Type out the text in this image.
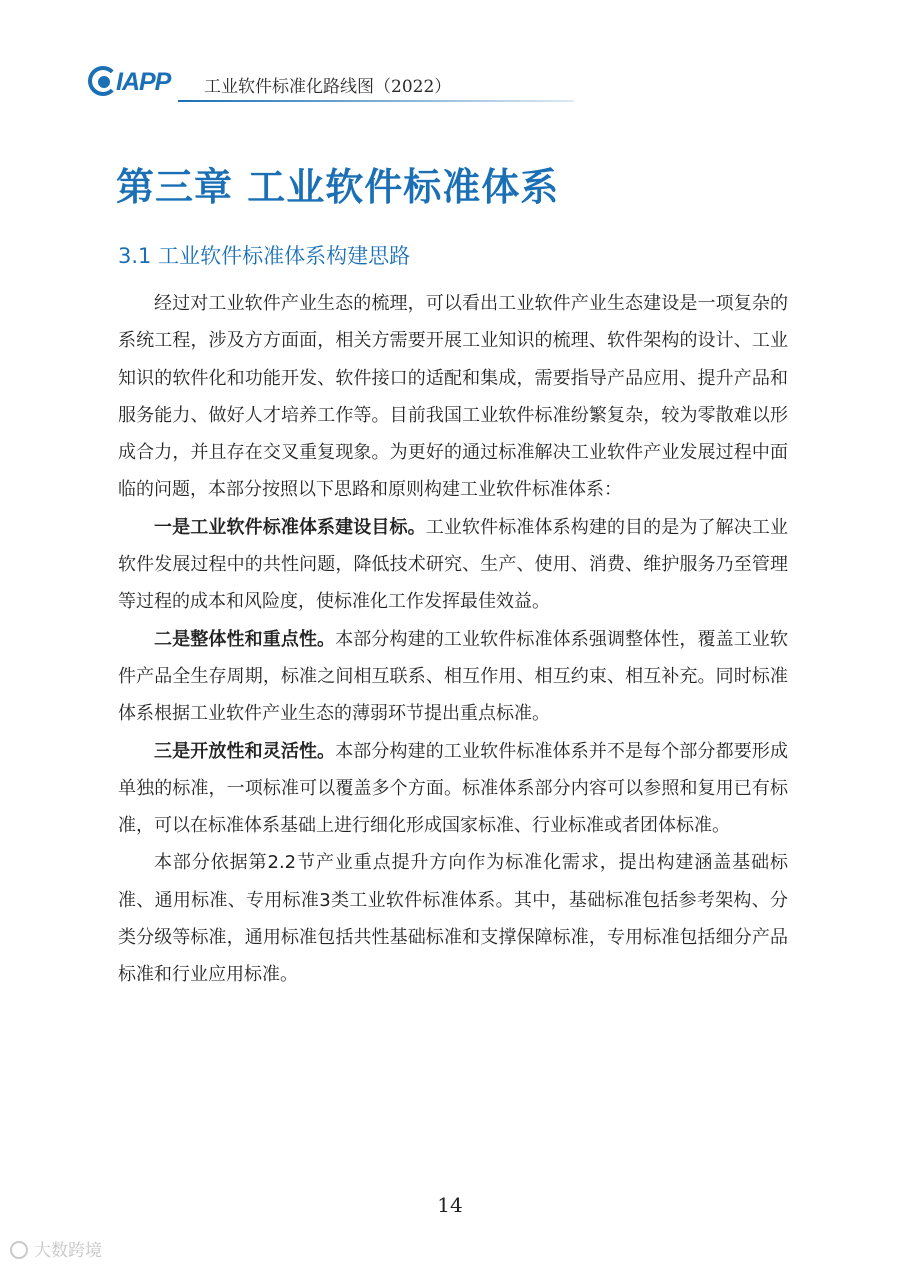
IAPP 工业软件标准化路线图（2022）
第三章 工业软件标准体系
3.1 工业软件标准体系构建思路

经过对工业软件产业生态的梳理，可以看出工业软件产业生态建设是一项复杂的系统工程，涉及方方面面，相关方需要开展工业知识的梳理、软件架构的设计、工业知识的软件化和功能开发、软件接口的适配和集成，需要指导产品应用、提升产品和服务能力、做好人才培养工作等。目前我国工业软件标准纷繁复杂，较为零散难以形成合力，并且存在交叉重复现象。为更好的通过标准解决工业软件产业发展过程中面临的问题，本部分按照以下思路和原则构建工业软件标准体系：

一是工业软件标准体系建设目标。工业软件标准体系构建的目的是为了解决工业软件发展过程中的共性问题，降低技术研究、生产、使用、消费、维护服务乃至管理等过程的成本和风险度，使标准化工作发挥最佳效益。

二是整体性和重点性。本部分构建的工业软件标准体系强调整体性，覆盖工业软件产品全生存周期，标准之间相互联系、相互作用、相互约束、相互补充。同时标准体系根据工业软件产业生态的薄弱环节提出重点标准。

三是开放性和灵活性。本部分构建的工业软件标准体系并不是每个部分都要形成单独的标准，一项标准可以覆盖多个方面。标准体系部分内容可以参照和复用已有标准，可以在标准体系基础上进行细化形成国家标准、行业标准或者团体标准。

本部分依据第2.2节产业重点提升方向作为标准化需求，提出构建涵盖基础标准、通用标准、专用标准3类工业软件标准体系。其中，基础标准包括参考架构、分类分级等标准，通用标准包括共性基础标准和支撑保障标准，专用标准包括细分产品标准和行业应用标准。

14
大数跨境
